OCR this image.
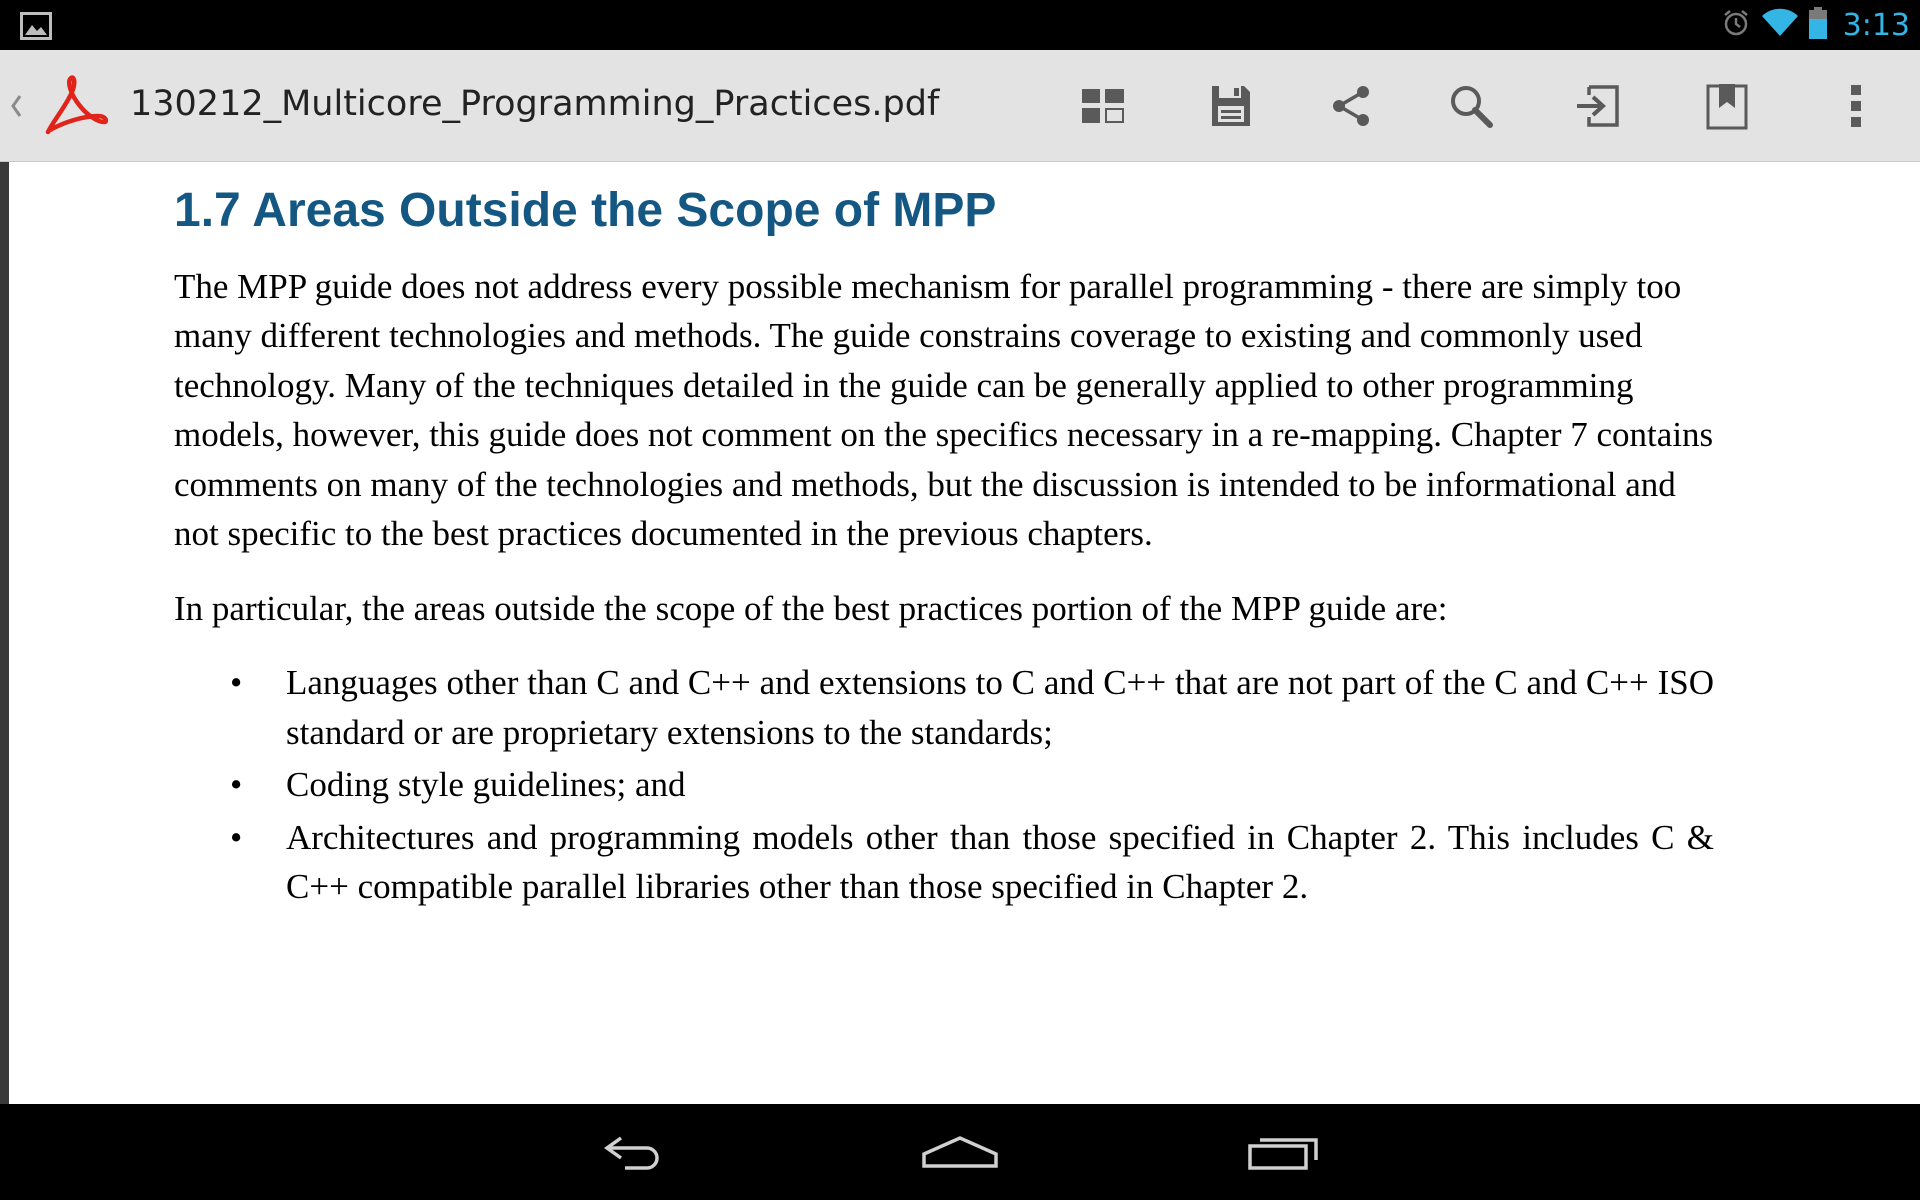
3:13
130212_Multicore_Programming_Practices.pdf
1.7 Areas Outside the Scope of MPP

The MPP guide does not address every possible mechanism for parallel programming - there are simply too many different technologies and methods. The guide constrains coverage to existing and commonly used technology. Many of the techniques detailed in the guide can be generally applied to other programming models, however, this guide does not comment on the specifics necessary in a re-mapping. Chapter 7 contains comments on many of the technologies and methods, but the discussion is intended to be informational and not specific to the best practices documented in the previous chapters.

In particular, the areas outside the scope of the best practices portion of the MPP guide are:

• Languages other than C and C++ and extensions to C and C++ that are not part of the C and C++ ISO standard or are proprietary extensions to the standards;
• Coding style guidelines; and
• Architectures and programming models other than those specified in Chapter 2. This includes C & C++ compatible parallel libraries other than those specified in Chapter 2.
